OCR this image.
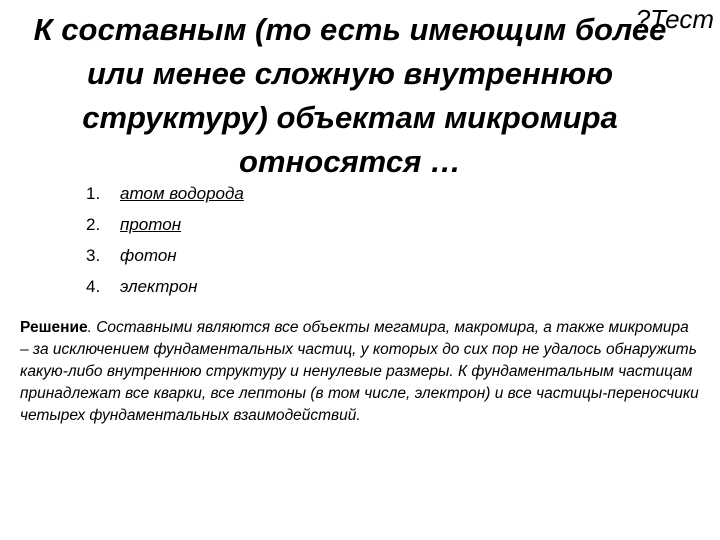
К составным (то есть имеющим более или менее сложную внутреннюю структуру) объектам микромира относятся …
?Тест
1.	атом водорода
2.	протон
3.	фотон
4.	электрон
Решение. Составными являются все объекты мегамира, макромира, а также микромира – за исключением фундаментальных частиц, у которых до сих пор не удалось обнаружить какую-либо внутреннюю структуру и ненулевые размеры. К фундаментальным частицам принадлежат все кварки, все лептоны (в том числе, электрон) и все частицы-переносчики четырех фундаментальных взаимодействий.
